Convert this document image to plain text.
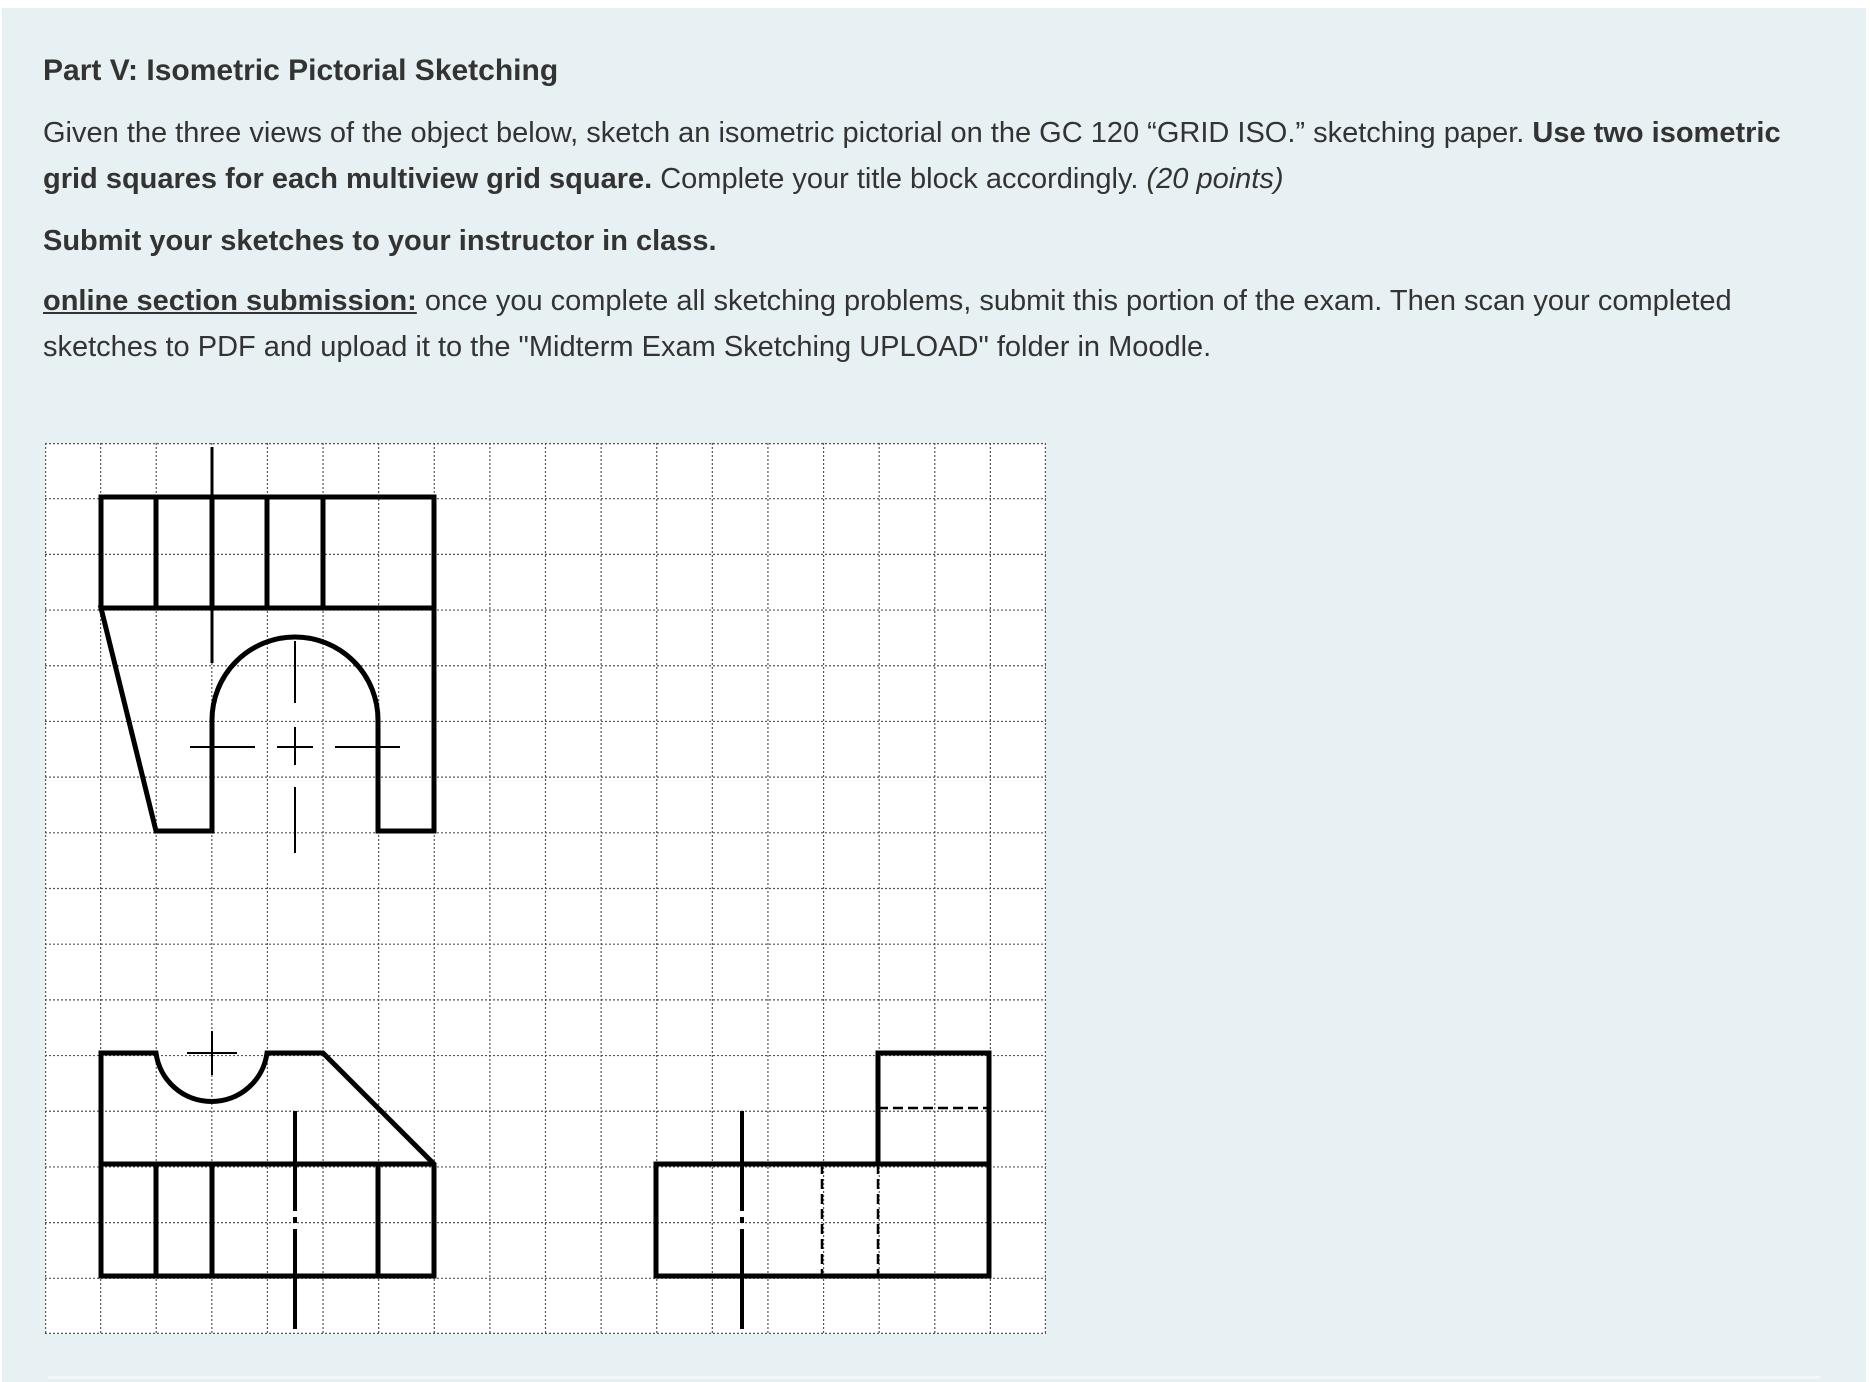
Part V: Isometric Pictorial Sketching

Given the three views of the object below, sketch an isometric pictorial on the GC 120 “GRID ISO.” sketching paper. Use two isometric grid squares for each multiview grid square. Complete your title block accordingly. (20 points)

Submit your sketches to your instructor in class.

online section submission: once you complete all sketching problems, submit this portion of the exam. Then scan your completed sketches to PDF and upload it to the "Midterm Exam Sketching UPLOAD" folder in Moodle.
